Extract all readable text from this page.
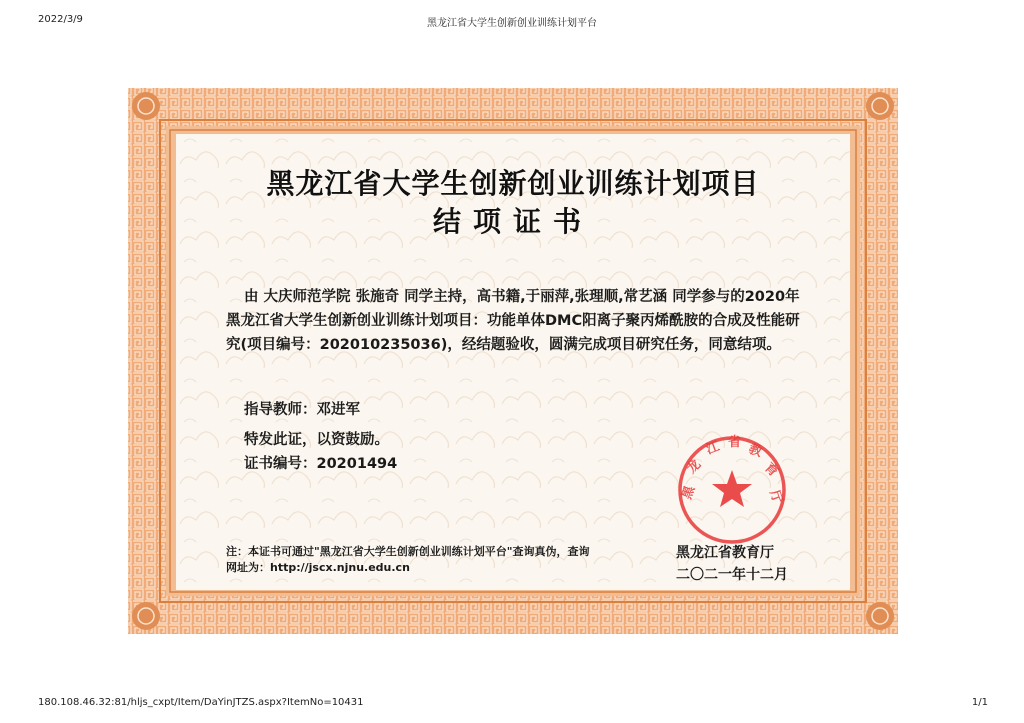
2022/3/9	黑龙江省大学生创新创业训练计划平台
黑龙江省大学生创新创业训练计划项目
结项证书
由 大庆师范学院 张施奇 同学主持，高书籍,于丽萍,张理顺,常艺涵 同学参与的2020年黑龙江省大学生创新创业训练计划项目：功能单体DMC阳离子聚丙烯酰胺的合成及性能研究(项目编号：202010235036)，经结题验收，圆满完成项目研究任务，同意结项。
指导教师：邓进军
特发此证，以资鼓励。
证书编号：20201494
黑
龙
江 省 教
育
厅
注：本证书可通过"黑龙江省大学生创新创业训练计划平台"查询真伪，查询
网址为：http://jscx.njnu.edu.cn
黑龙江省教育厅
二〇二一年十二月
180.108.46.32:81/hljs_cxpt/Item/DaYinJTZS.aspx?ItemNo=10431	1/1
